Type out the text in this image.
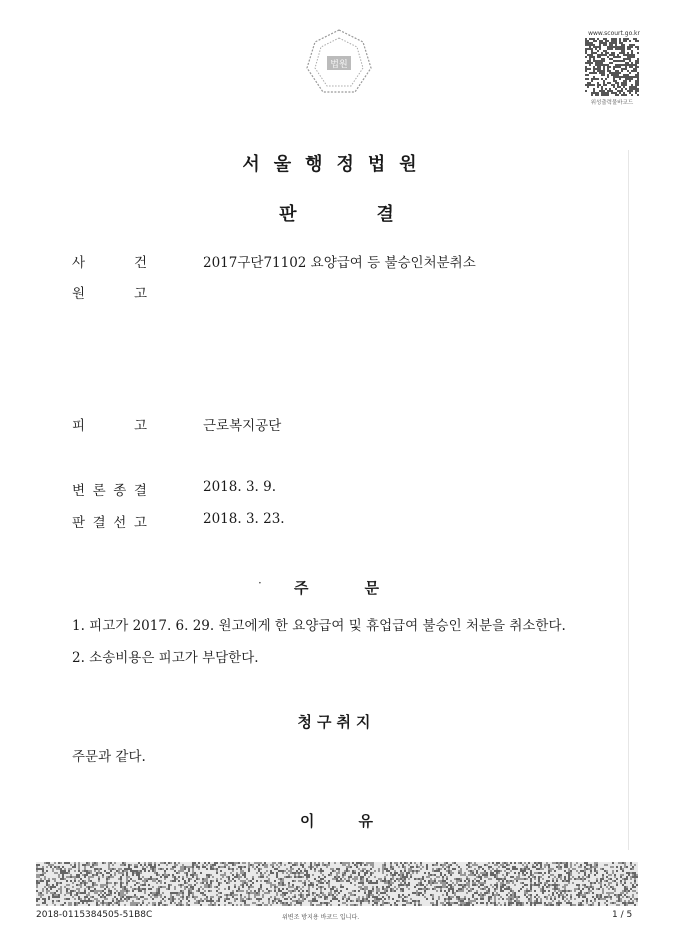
법원
www.scourt.go.kr
위성출력물바코드
서울행정법원
판	결
사	건	2017구단71102 요양급여 등 불승인처분취소
원	고
피	고	근로복지공단
변 론 종 결	2018. 3. 9.
판 결 선 고	2018. 3. 23.
·	주	문
1. 피고가 2017. 6. 29. 원고에게 한 요양급여 및 휴업급여 불승인 처분을 취소한다.
2. 소송비용은 피고가 부담한다.
청구취지
주문과 같다.
이	유
2018-0115384505-51B8C	위변조 방지용 바코드 입니다.	1 / 5
